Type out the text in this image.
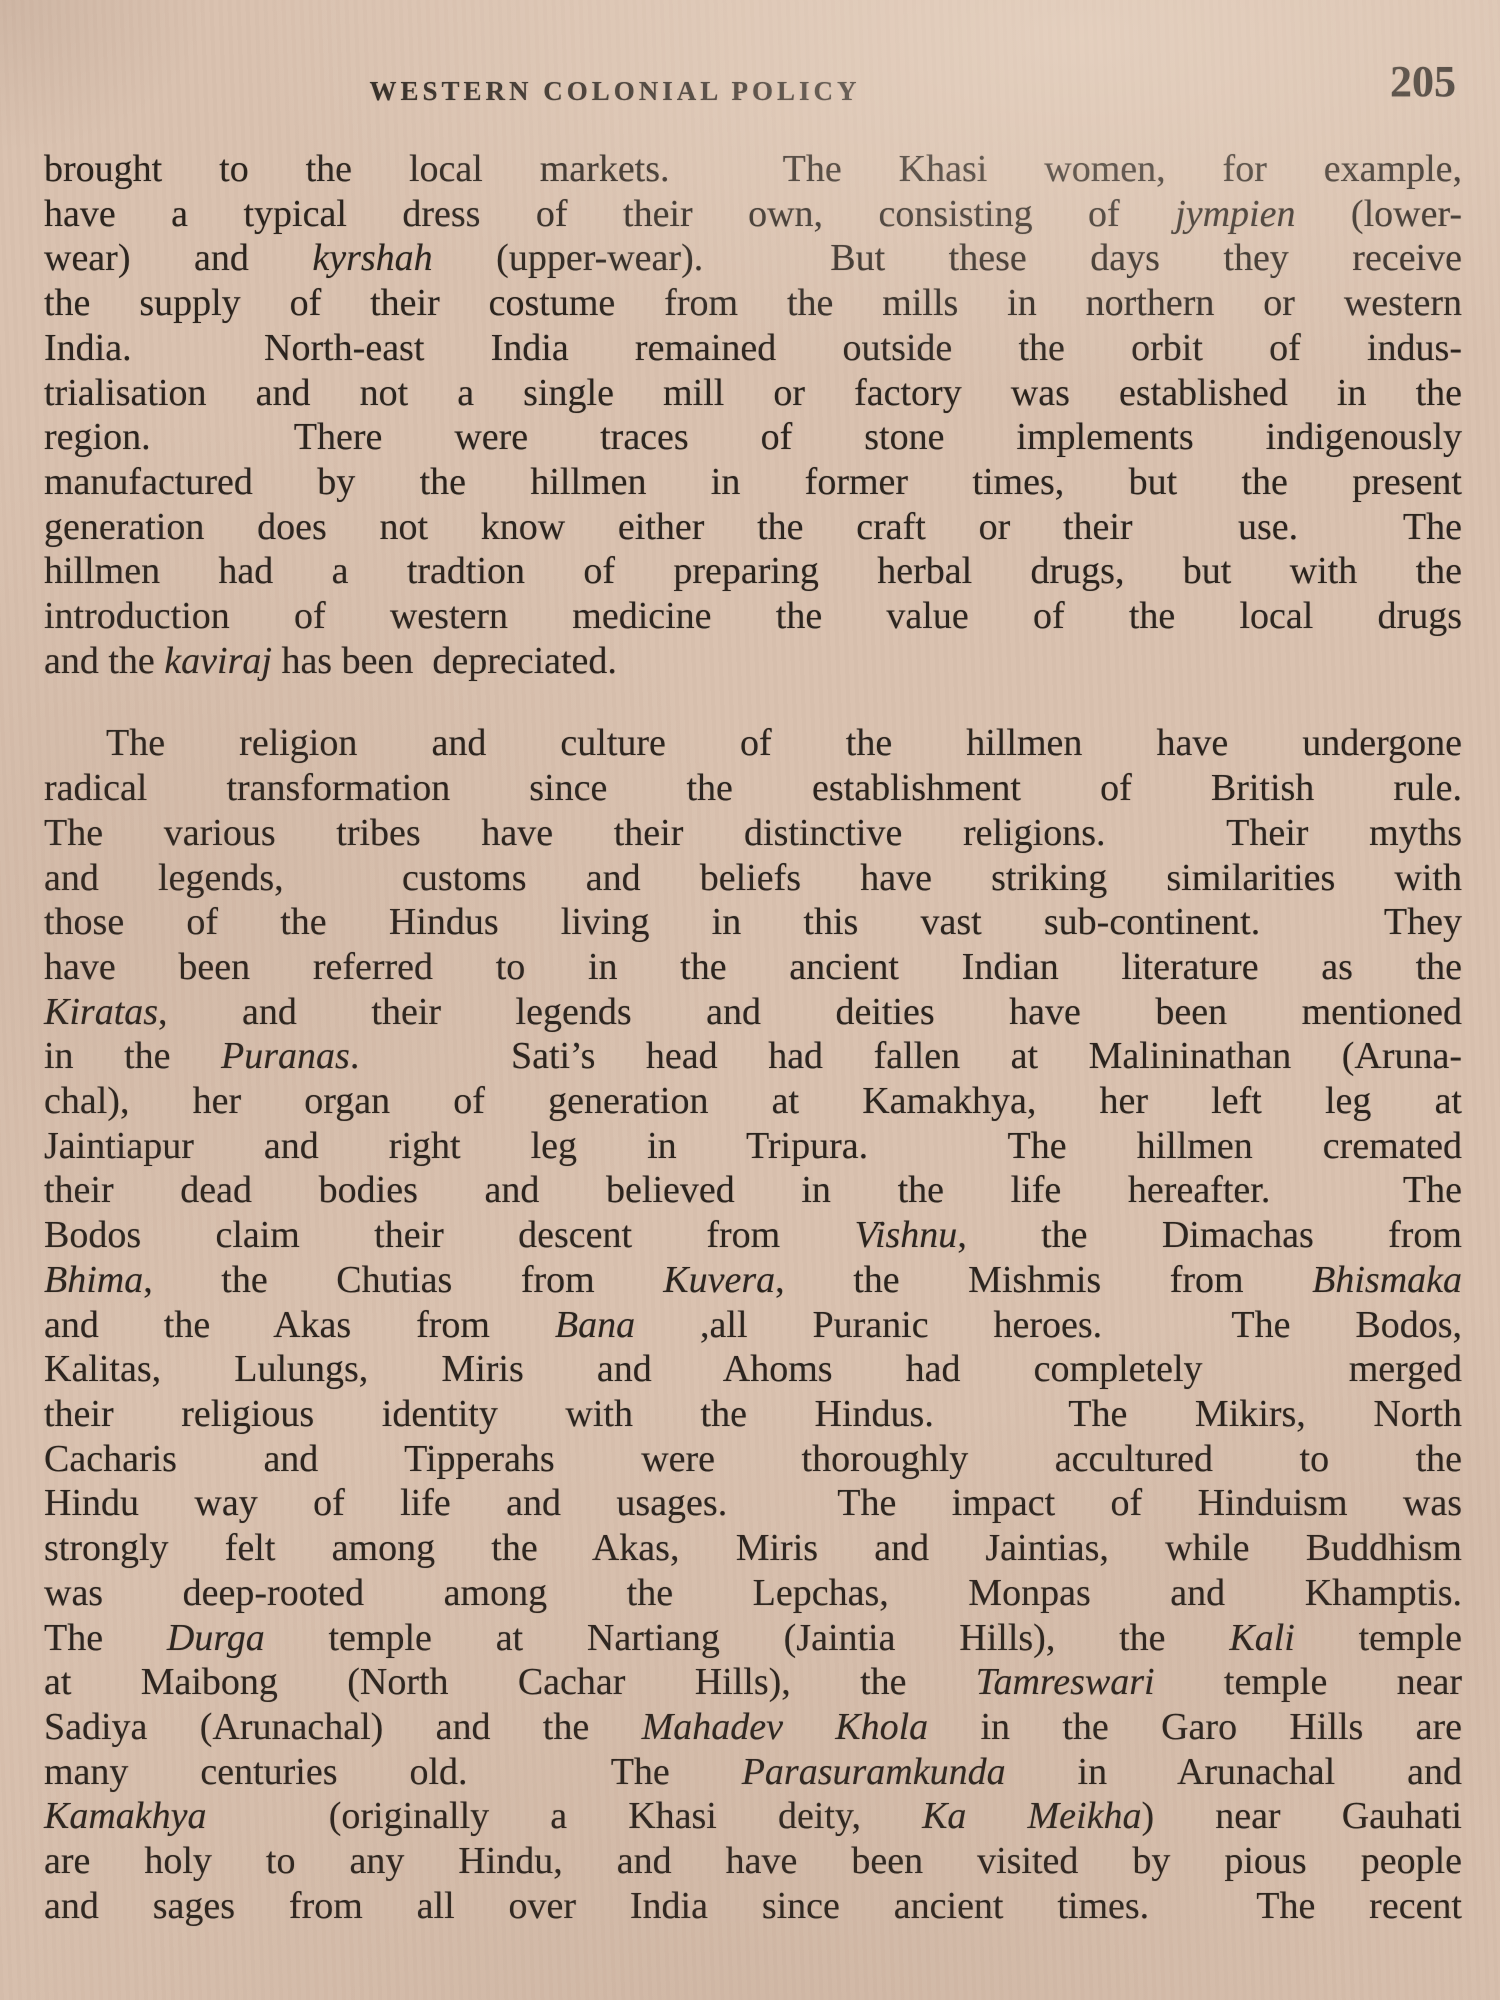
WESTERN COLONIAL POLICY	205
brought to the local markets.  The Khasi women, for example,
have a typical dress of their own, consisting of jympien (lower-
wear) and kyrshah (upper-wear).  But these days they receive
the supply of their costume from the mills in northern or western
India.  North-east India remained outside the orbit of indus-
trialisation and not a single mill or factory was established in the
region.  There were traces of stone implements indigenously
manufactured by the hillmen in former times, but the present
generation does not know either the craft or their  use.  The
hillmen had a tradtion of preparing herbal drugs, but with the
introduction of western medicine the value of the local drugs
and the kaviraj has been  depreciated.
The religion and culture of the hillmen have undergone
radical transformation since the establishment of British rule.
The various tribes have their distinctive religions.  Their myths
and legends,  customs and beliefs have striking similarities with
those of the Hindus living in this vast sub-continent.  They
have been referred to in the ancient Indian literature as the
Kiratas, and their legends and deities have been mentioned
in the Puranas.   Sati’s head had fallen at Malininathan (Aruna-
chal), her organ of generation at Kamakhya, her left leg at
Jaintiapur and right leg in Tripura.  The hillmen cremated
their dead bodies and believed in the life hereafter.  The
Bodos claim their descent from Vishnu, the Dimachas from
Bhima, the Chutias from Kuvera, the Mishmis from Bhismaka
and the Akas from Bana ,all Puranic heroes.  The Bodos,
Kalitas, Lulungs, Miris and Ahoms had completely  merged
their religious identity with the Hindus.  The Mikirs, North
Cacharis and Tipperahs were thoroughly accultured to the
Hindu way of life and usages.  The impact of Hinduism was
strongly felt among the Akas, Miris and Jaintias, while Buddhism
was deep-rooted among the Lepchas, Monpas and Khamptis.
The Durga temple at Nartiang (Jaintia Hills), the Kali temple
at Maibong (North Cachar Hills), the Tamreswari temple near
Sadiya (Arunachal) and the Mahadev Khola in the Garo Hills are
many centuries old.  The Parasuramkunda in Arunachal and
Kamakhya  (originally a Khasi deity, Ka Meikha) near Gauhati
are holy to any Hindu, and have been visited by pious people
and sages from all over India since ancient times.  The recent
